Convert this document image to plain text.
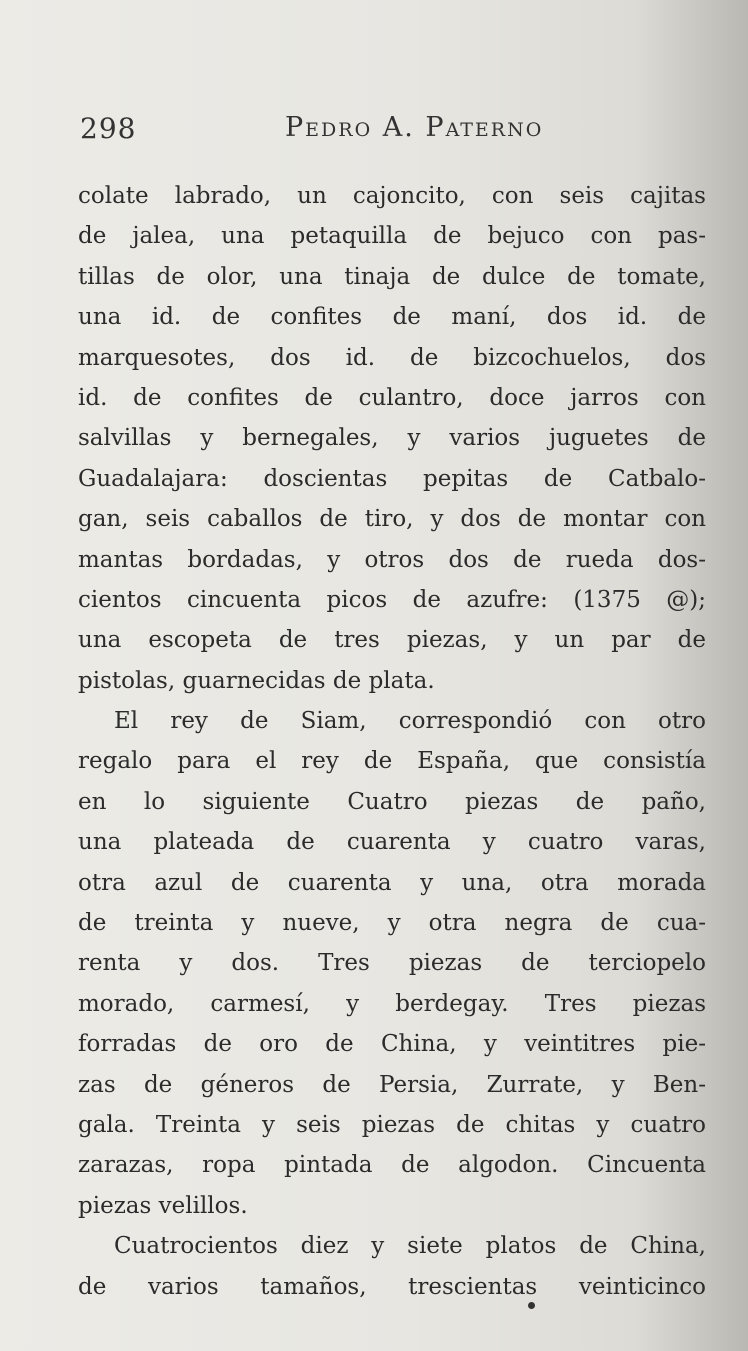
298	Pedro A. Paterno
colate labrado, un cajoncito, con seis cajitas
de jalea, una petaquilla de bejuco con pas-
tillas de olor, una tinaja de dulce de tomate,
una id. de confites de maní, dos id. de
marquesotes, dos id. de bizcochuelos, dos
id. de confites de culantro, doce jarros con
salvillas y bernegales, y varios juguetes de
Guadalajara: doscientas pepitas de Catbalo-
gan, seis caballos de tiro, y dos de montar con
mantas bordadas, y otros dos de rueda dos-
cientos cincuenta picos de azufre: (1375 @);
una escopeta de tres piezas, y un par de
pistolas, guarnecidas de plata.
El rey de Siam, correspondió con otro
regalo para el rey de España, que consistía
en lo siguiente Cuatro piezas de paño,
una plateada de cuarenta y cuatro varas,
otra azul de cuarenta y una, otra morada
de treinta y nueve, y otra negra de cua-
renta y dos. Tres piezas de terciopelo
morado, carmesí, y berdegay. Tres piezas
forradas de oro de China, y veintitres pie-
zas de géneros de Persia, Zurrate, y Ben-
gala. Treinta y seis piezas de chitas y cuatro
zarazas, ropa pintada de algodon. Cincuenta
piezas velillos.
Cuatrocientos diez y siete platos de China,
de varios tamaños, trescientas veinticinco
